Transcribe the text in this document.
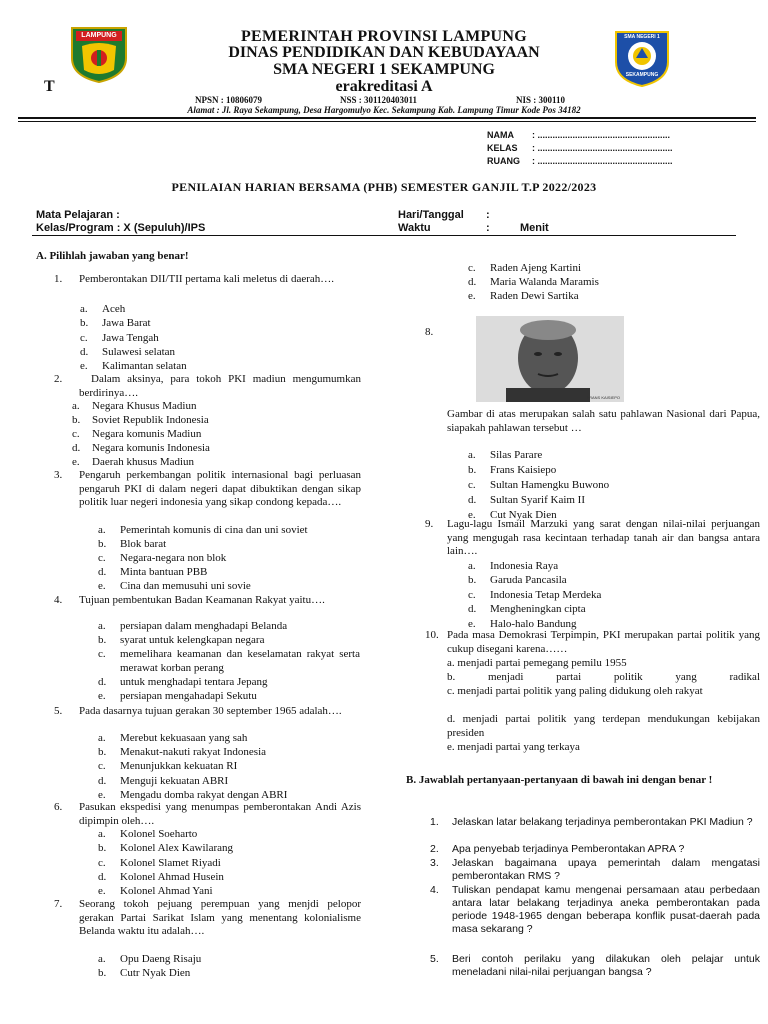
LAMPUNG	SMA NEGERI 1
SEKAMPUNG
PEMERINTAH PROVINSI LAMPUNG
DINAS PENDIDIKAN DAN KEBUDAYAAN
SMA NEGERI 1 SEKAMPUNG
T	erakreditasi A
NPSN : 10806079	NSS : 301120403011	NIS : 300110
Alamat : Jl. Raya Sekampung, Desa Hargomulyo Kec. Sekampung Kab. Lampung Timur Kode Pos 34182
NAMA : .....................................................
KELAS : ......................................................
RUANG : ......................................................
PENILAIAN HARIAN BERSAMA (PHB) SEMESTER GANJIL T.P 2022/2023
Mata Pelajaran :
Kelas/Program : X (Sepuluh)/IPS
Hari/Tanggal :
Waktu	:	Menit
A. Pilihlah jawaban yang benar!
1. Pemberontakan DII/TII pertama kali meletus di daerah….
2.	Dalam aksinya, para tokoh PKI madiun mengumumkan berdirinya….
3. Pengaruh perkembangan politik internasional bagi perluasan pengaruh PKI di dalam negeri dapat dibuktikan dengan sikap politik luar negeri indonesia yang sikap condong kepada….
4. Tujuan pembentukan Badan Keamanan Rakyat yaitu….
5. Pada dasarnya tujuan gerakan 30 september 1965 adalah….
6. Pasukan ekspedisi yang menumpas pemberontakan Andi Azis dipimpin oleh….
7. Seorang tokoh pejuang perempuan yang menjdi pelopor gerakan Partai Sarikat Islam yang menentang kolonialisme Belanda waktu itu adalah….
a. Aceh
b. Jawa Barat
c. Jawa Tengah
d. Sulawesi selatan
e. Kalimantan selatan
a. Negara Khusus Madiun
b. Soviet Republik Indonesia
c. Negara komunis Madiun
d. Negara komunis Indonesia
e. Daerah khusus Madiun
a. Pemerintah komunis di cina dan uni soviet
b. Blok barat
c. Negara-negara non blok
d. Minta bantuan PBB
e. Cina dan memusuhi uni sovie
a. persiapan dalam menghadapi Belanda
b. syarat untuk kelengkapan negara
c. memelihara keamanan dan keselamatan rakyat serta merawat korban perang
d. untuk menghadapi tentara Jepang
e. persiapan mengahadapi Sekutu
a. Merebut kekuasaan yang sah
b. Menakut-nakuti rakyat Indonesia
c. Menunjukkan kekuatan RI
d. Menguji kekuatan ABRI
e. Mengadu domba rakyat dengan ABRI
a. Kolonel Soeharto
b. Kolonel Alex Kawilarang
c. Kolonel Slamet Riyadi
d. Kolonel Ahmad Husein
e. Kolonel Ahmad Yani
a. Opu Daeng Risaju
b. Cutr Nyak Dien
9. Lagu-lagu Ismail Marzuki yang sarat dengan nilai-nilai perjuangan yang mengugah rasa kecintaan terhadap tanah air dan bangsa antara lain….
8.
Gambar di atas merupakan salah satu pahlawan Nasional dari Papua, siapakah pahlawan tersebut …
c. Raden Ajeng Kartini
d. Maria Walanda Maramis
e. Raden Dewi Sartika
a. Silas Parare
b. Frans Kaisiepo
c. Sultan Hamengku Buwono
d. Sultan Syarif Kaim II
e. Cut Nyak Dien
a. Indonesia Raya
b. Garuda Pancasila
c. Indonesia Tetap Merdeka
d. Mengheningkan cipta
e. Halo-halo Bandung
10. Pada masa Demokrasi Terpimpin, PKI merupakan partai politik yang cukup disegani karena……
a. menjadi partai pemegang pemilu 1955
b. menjadi partai politik yang radikal
c. menjadi partai politik yang paling didukung oleh rakyat
d. menjadi partai politik yang terdepan mendukungan kebijakan presiden
e. menjadi partai yang terkaya
FRANS KAISIEPO
B. Jawablah pertanyaan-pertanyaan di bawah ini dengan benar !
1. Jelaskan latar belakang terjadinya pemberontakan PKI Madiun ?
2. Apa penyebab terjadinya Pemberontakan APRA ?
3. Jelaskan bagaimana upaya pemerintah dalam mengatasi pemberontakan RMS ?
4. Tuliskan pendapat kamu mengenai persamaan atau perbedaan antara latar belakang terjadinya aneka pemberontakan pada periode 1948-1965 dengan beberapa konflik pusat-daerah pada masa sekarang ?
5. Beri contoh perilaku yang dilakukan oleh pelajar untuk meneladani nilai-nilai perjuangan bangsa ?
